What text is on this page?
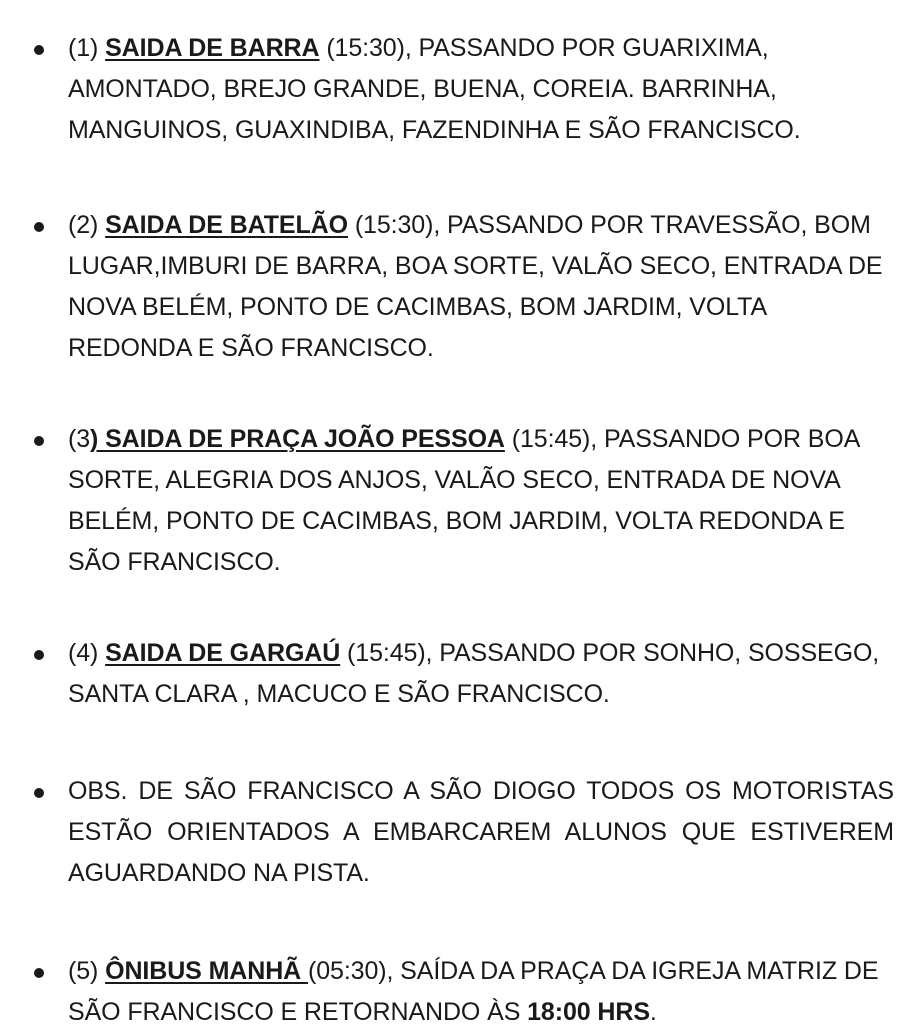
(1) SAIDA DE BARRA (15:30), PASSANDO POR GUARIXIMA, AMONTADO, BREJO GRANDE, BUENA, COREIA. BARRINHA, MANGUINOS, GUAXINDIBA, FAZENDINHA E SÃO FRANCISCO.
(2) SAIDA DE BATELÃO (15:30), PASSANDO POR TRAVESSÃO, BOM LUGAR,IMBURI DE BARRA, BOA SORTE, VALÃO SECO, ENTRADA DE NOVA BELÉM, PONTO DE CACIMBAS, BOM JARDIM, VOLTA REDONDA E SÃO FRANCISCO.
(3) SAIDA DE PRAÇA JOÃO PESSOA (15:45), PASSANDO POR BOA SORTE, ALEGRIA DOS ANJOS, VALÃO SECO, ENTRADA DE NOVA BELÉM, PONTO DE CACIMBAS, BOM JARDIM, VOLTA REDONDA E SÃO FRANCISCO.
(4) SAIDA DE GARGAÚ (15:45), PASSANDO POR SONHO, SOSSEGO, SANTA CLARA , MACUCO E SÃO FRANCISCO.
OBS. DE SÃO FRANCISCO A SÃO DIOGO TODOS OS MOTORISTAS ESTÃO ORIENTADOS A EMBARCAREM ALUNOS QUE ESTIVEREM AGUARDANDO NA PISTA.
(5) ÔNIBUS MANHÃ (05:30), SAÍDA DA PRAÇA DA IGREJA MATRIZ DE SÃO FRANCISCO E RETORNANDO ÀS 18:00 HRS.
